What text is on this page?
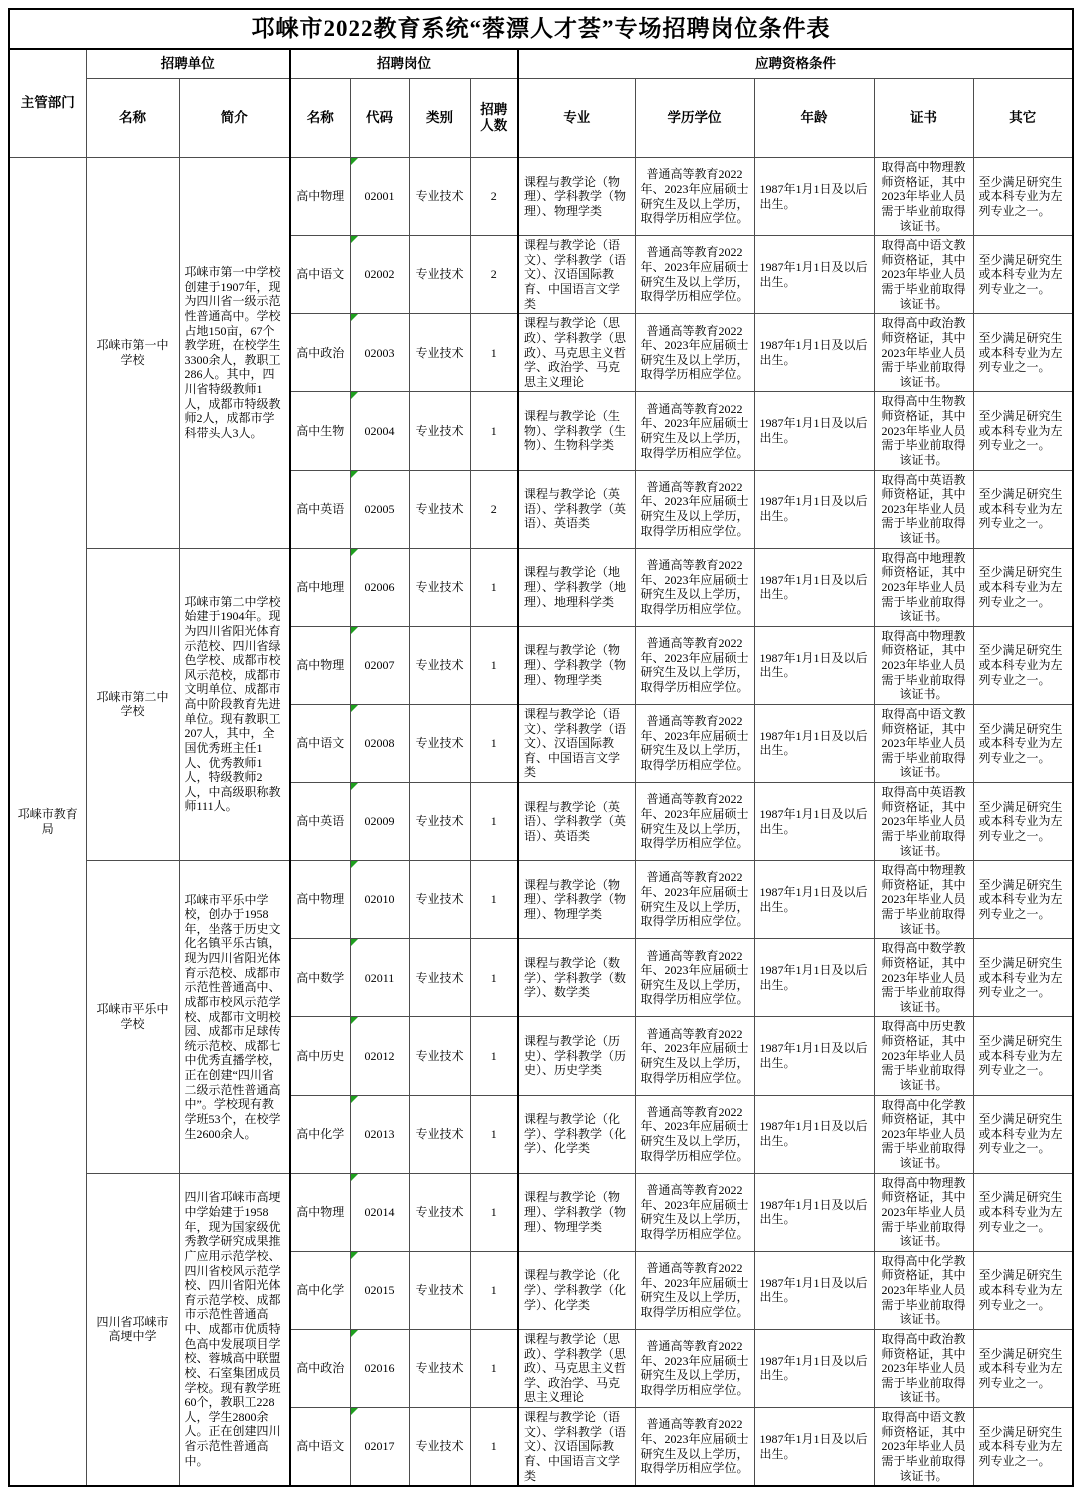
邛崃市2022教育系统“蓉漂人才荟”专场招聘岗位条件表											
主管部门	招聘单位		招聘岗位				应聘资格条件				
	名称	简介	名称	代码	类别	招聘人数	专业	学历学位	年龄	证书	其它
邛崃市教育局	邛崃市第一中学校	邛崃市第一中学校创建于1907年，现为四川省一级示范性普通高中。学校占地150亩，67个教学班，在校学生3300余人，教职工286人。其中，四川省特级教师1人，成都市特级教师2人，成都市学科带头人3人。	高中物理	02001	专业技术	2	课程与教学论（物理）、学科教学（物理）、物理学类	普通高等教育2022年、2023年应届硕士研究生及以上学历，取得学历相应学位。	1987年1月1日及以后出生。	取得高中物理教师资格证，其中2023年毕业人员需于毕业前取得该证书。	至少满足研究生或本科专业为左列专业之一。
			高中语文	02002	专业技术	2	课程与教学论（语文）、学科教学（语文）、汉语国际教育、中国语言文学类	普通高等教育2022年、2023年应届硕士研究生及以上学历，取得学历相应学位。	1987年1月1日及以后出生。	取得高中语文教师资格证，其中2023年毕业人员需于毕业前取得该证书。	至少满足研究生或本科专业为左列专业之一。
			高中政治	02003	专业技术	1	课程与教学论（思政）、学科教学（思政）、马克思主义哲学、政治学、马克思主义理论	普通高等教育2022年、2023年应届硕士研究生及以上学历，取得学历相应学位。	1987年1月1日及以后出生。	取得高中政治教师资格证，其中2023年毕业人员需于毕业前取得该证书。	至少满足研究生或本科专业为左列专业之一。
			高中生物	02004	专业技术	1	课程与教学论（生物）、学科教学（生物）、生物科学类	普通高等教育2022年、2023年应届硕士研究生及以上学历，取得学历相应学位。	1987年1月1日及以后出生。	取得高中生物教师资格证，其中2023年毕业人员需于毕业前取得该证书。	至少满足研究生或本科专业为左列专业之一。
			高中英语	02005	专业技术	2	课程与教学论（英语）、学科教学（英语）、英语类	普通高等教育2022年、2023年应届硕士研究生及以上学历，取得学历相应学位。	1987年1月1日及以后出生。	取得高中英语教师资格证，其中2023年毕业人员需于毕业前取得该证书。	至少满足研究生或本科专业为左列专业之一。
	邛崃市第二中学校	邛崃市第二中学校始建于1904年。现为四川省阳光体育示范校、四川省绿色学校、成都市校风示范校，成都市文明单位、成都市高中阶段教育先进单位。现有教职工207人，其中，全国优秀班主任1人、优秀教师1人，特级教师2人，中高级职称教师111人。	高中地理	02006	专业技术	1	课程与教学论（地理）、学科教学（地理）、地理科学类	普通高等教育2022年、2023年应届硕士研究生及以上学历，取得学历相应学位。	1987年1月1日及以后出生。	取得高中地理教师资格证，其中2023年毕业人员需于毕业前取得该证书。	至少满足研究生或本科专业为左列专业之一。
			高中物理	02007	专业技术	1	课程与教学论（物理）、学科教学（物理）、物理学类	普通高等教育2022年、2023年应届硕士研究生及以上学历，取得学历相应学位。	1987年1月1日及以后出生。	取得高中物理教师资格证，其中2023年毕业人员需于毕业前取得该证书。	至少满足研究生或本科专业为左列专业之一。
			高中语文	02008	专业技术	1	课程与教学论（语文）、学科教学（语文）、汉语国际教育、中国语言文学类	普通高等教育2022年、2023年应届硕士研究生及以上学历，取得学历相应学位。	1987年1月1日及以后出生。	取得高中语文教师资格证，其中2023年毕业人员需于毕业前取得该证书。	至少满足研究生或本科专业为左列专业之一。
			高中英语	02009	专业技术	1	课程与教学论（英语）、学科教学（英语）、英语类	普通高等教育2022年、2023年应届硕士研究生及以上学历，取得学历相应学位。	1987年1月1日及以后出生。	取得高中英语教师资格证，其中2023年毕业人员需于毕业前取得该证书。	至少满足研究生或本科专业为左列专业之一。
	邛崃市平乐中学校	邛崃市平乐中学校，创办于1958年，坐落于历史文化名镇平乐古镇，现为四川省阳光体育示范校、成都市示范性普通高中、成都市校风示范学校、成都市文明校园、成都市足球传统示范校、成都七中优秀直播学校，正在创建“四川省二级示范性普通高中”。学校现有教学班53个，在校学生2600余人。	高中物理	02010	专业技术	1	课程与教学论（物理）、学科教学（物理）、物理学类	普通高等教育2022年、2023年应届硕士研究生及以上学历，取得学历相应学位。	1987年1月1日及以后出生。	取得高中物理教师资格证，其中2023年毕业人员需于毕业前取得该证书。	至少满足研究生或本科专业为左列专业之一。
			高中数学	02011	专业技术	1	课程与教学论（数学）、学科教学（数学）、数学类	普通高等教育2022年、2023年应届硕士研究生及以上学历，取得学历相应学位。	1987年1月1日及以后出生。	取得高中数学教师资格证，其中2023年毕业人员需于毕业前取得该证书。	至少满足研究生或本科专业为左列专业之一。
			高中历史	02012	专业技术	1	课程与教学论（历史）、学科教学（历史）、历史学类	普通高等教育2022年、2023年应届硕士研究生及以上学历，取得学历相应学位。	1987年1月1日及以后出生。	取得高中历史教师资格证，其中2023年毕业人员需于毕业前取得该证书。	至少满足研究生或本科专业为左列专业之一。
			高中化学	02013	专业技术	1	课程与教学论（化学）、学科教学（化学）、化学类	普通高等教育2022年、2023年应届硕士研究生及以上学历，取得学历相应学位。	1987年1月1日及以后出生。	取得高中化学教师资格证，其中2023年毕业人员需于毕业前取得该证书。	至少满足研究生或本科专业为左列专业之一。
	四川省邛崃市高埂中学	四川省邛崃市高埂中学始建于1958年，现为国家级优秀教学研究成果推广应用示范学校、四川省校风示范学校、四川省阳光体育示范学校、成都市示范性普通高中、成都市优质特色高中发展项目学校、蓉城高中联盟校、石室集团成员学校。现有教学班60个，教职工228人，学生2800余人。正在创建四川省示范性普通高中。	高中物理	02014	专业技术	1	课程与教学论（物理）、学科教学（物理）、物理学类	普通高等教育2022年、2023年应届硕士研究生及以上学历，取得学历相应学位。	1987年1月1日及以后出生。	取得高中物理教师资格证，其中2023年毕业人员需于毕业前取得该证书。	至少满足研究生或本科专业为左列专业之一。
			高中化学	02015	专业技术	1	课程与教学论（化学）、学科教学（化学）、化学类	普通高等教育2022年、2023年应届硕士研究生及以上学历，取得学历相应学位。	1987年1月1日及以后出生。	取得高中化学教师资格证，其中2023年毕业人员需于毕业前取得该证书。	至少满足研究生或本科专业为左列专业之一。
			高中政治	02016	专业技术	1	课程与教学论（思政）、学科教学（思政）、马克思主义哲学、政治学、马克思主义理论	普通高等教育2022年、2023年应届硕士研究生及以上学历，取得学历相应学位。	1987年1月1日及以后出生。	取得高中政治教师资格证，其中2023年毕业人员需于毕业前取得该证书。	至少满足研究生或本科专业为左列专业之一。
			高中语文	02017	专业技术	1	课程与教学论（语文）、学科教学（语文）、汉语国际教育、中国语言文学类	普通高等教育2022年、2023年应届硕士研究生及以上学历，取得学历相应学位。	1987年1月1日及以后出生。	取得高中语文教师资格证，其中2023年毕业人员需于毕业前取得该证书。	至少满足研究生或本科专业为左列专业之一。
